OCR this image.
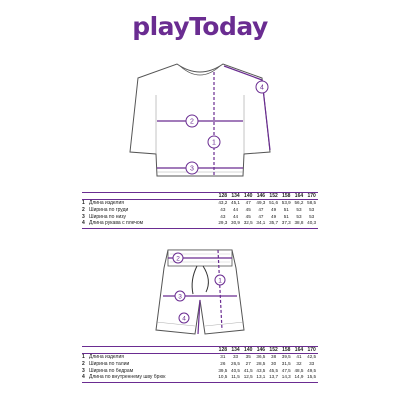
playToday
4
2
1
3
2
1
3
4
128 134 140 146 152 158 164 170
1 Длина изделия	43,2 45,1	47	49,3 51,6 53,9 56,2 58,5
2 Ширина по груди	43	44	45	47	49	51	53	53
3 Ширина по низу	43	44	45	47	49	51	53	53
4 Длина рукава с плечом	29,3 30,9 32,5 34,1 35,7 37,3 38,8 40,3
128 134 140 146 152 158 164 170
1 Длина изделия	31	33	35	36,5	38	39,5	41	42,5
2 Ширина по талии	26	26,5	27	28,5	30	31,5	32	33
3 Ширина по бедрам	39,5 40,5 41,5 43,5 45,5 47,5 48,5 49,5
4 Длина по внутреннему шву брюк	10,5 11,5 12,5 13,1 13,7 14,3 14,9 15,5
